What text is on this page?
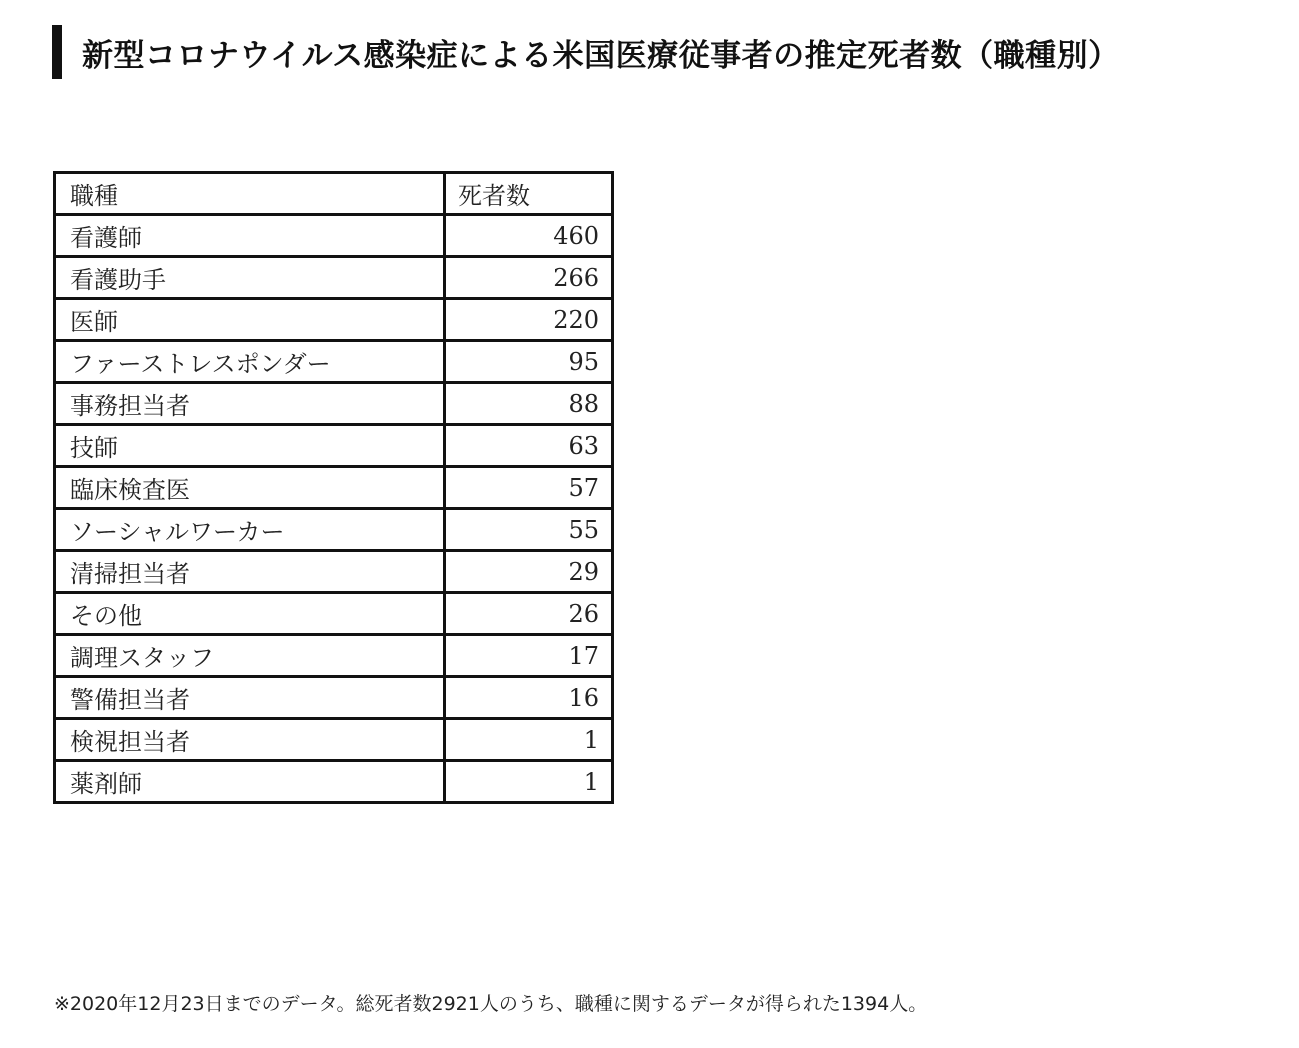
新型コロナウイルス感染症による米国医療従事者の推定死者数（職種別）
職種	死者数
看護師	460
看護助手	266
医師	220
ファーストレスポンダー	95
事務担当者	88
技師	63
臨床検査医	57
ソーシャルワーカー	55
清掃担当者	29
その他	26
調理スタッフ	17
警備担当者	16
検視担当者	1
薬剤師	1
※2020年12月23日までのデータ。総死者数2921人のうち、職種に関するデータが得られた1394人。
